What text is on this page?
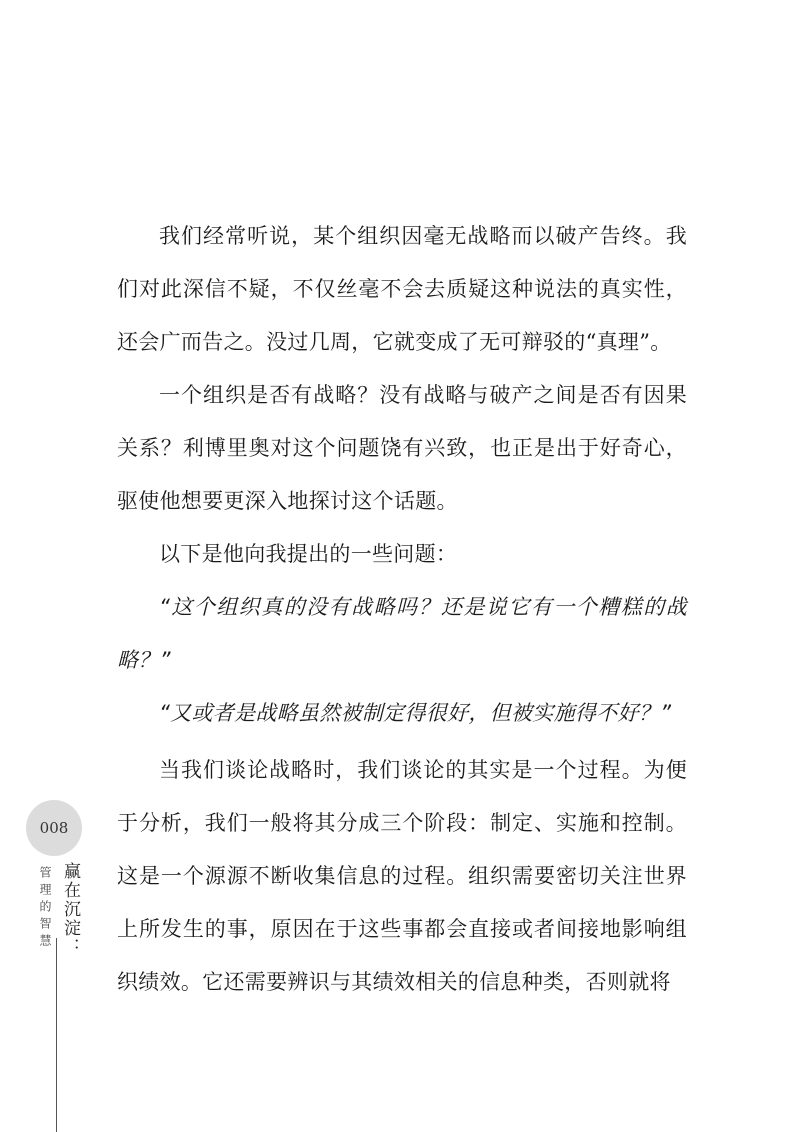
我们经常听说，某个组织因毫无战略而以破产告终。我们对此深信不疑，不仅丝毫不会去质疑这种说法的真实性，还会广而告之。没过几周，它就变成了无可辩驳的“真理”。

一个组织是否有战略？没有战略与破产之间是否有因果关系？利博里奥对这个问题饶有兴致，也正是出于好奇心，驱使他想要更深入地探讨这个话题。

以下是他向我提出的一些问题：

“这个组织真的没有战略吗？还是说它有一个糟糕的战略？”

“又或者是战略虽然被制定得很好，但被实施得不好？”

当我们谈论战略时，我们谈论的其实是一个过程。为便于分析，我们一般将其分成三个阶段：制定、实施和控制。这是一个源源不断收集信息的过程。组织需要密切关注世界上所发生的事，原因在于这些事都会直接或者间接地影响组织绩效。它还需要辨识与其绩效相关的信息种类，否则就将

008
赢在沉淀：
管理的智慧
